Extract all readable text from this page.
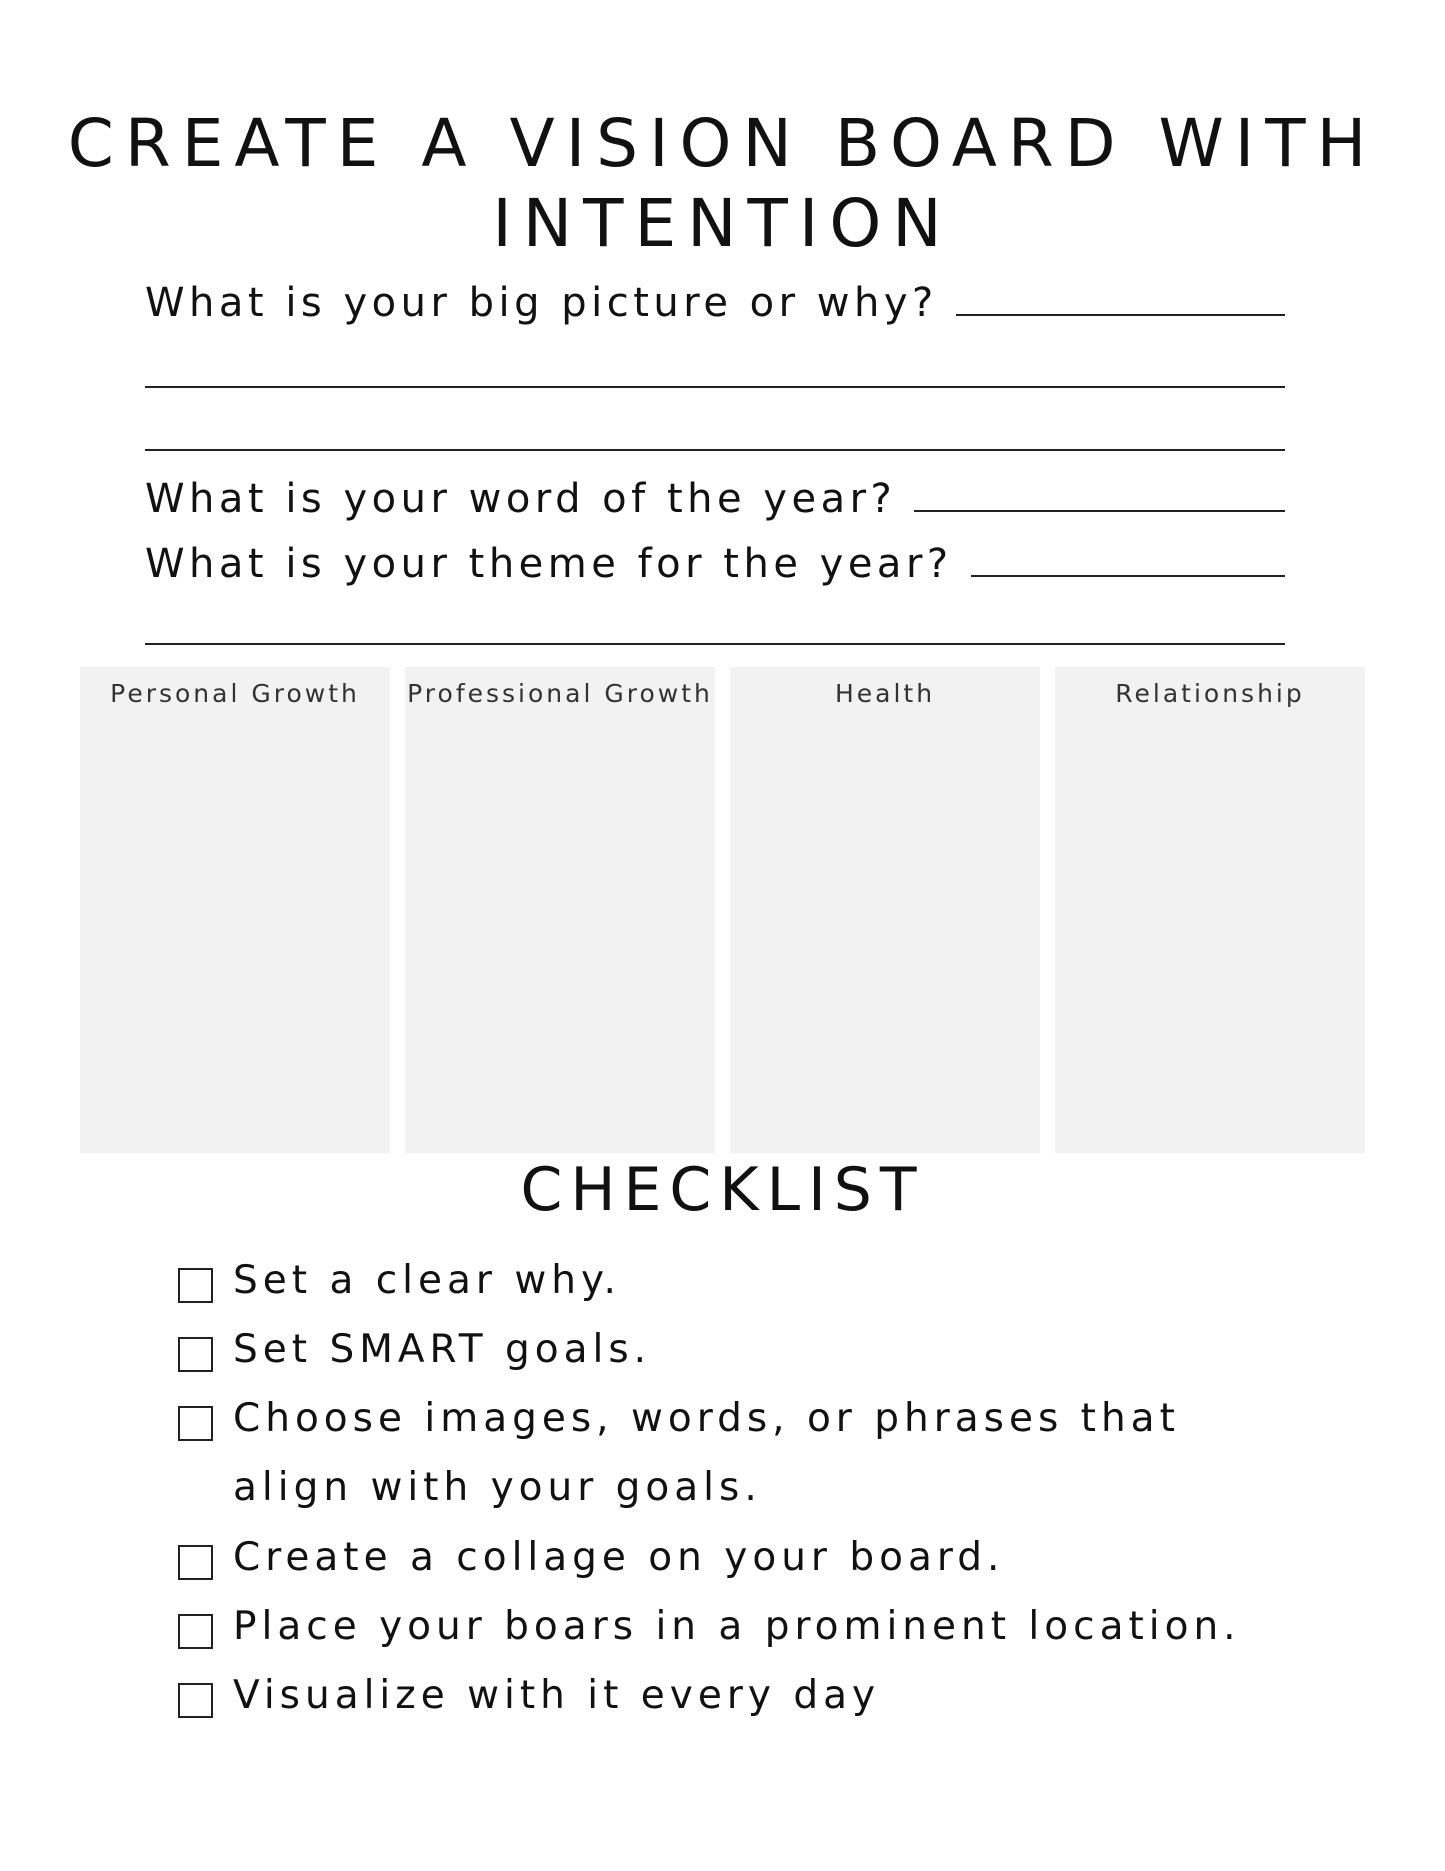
CREATE A VISION BOARD WITH
INTENTION
What is your big picture or why?
What is your word of the year?
What is your theme for the year?
Personal Growth	Professional Growth	Health	Relationship
CHECKLIST
Set a clear why.
Set SMART goals.
Choose images, words, or phrases that align with your goals.
Create a collage on your board.
Place your boars in a prominent location.
Visualize with it every day
